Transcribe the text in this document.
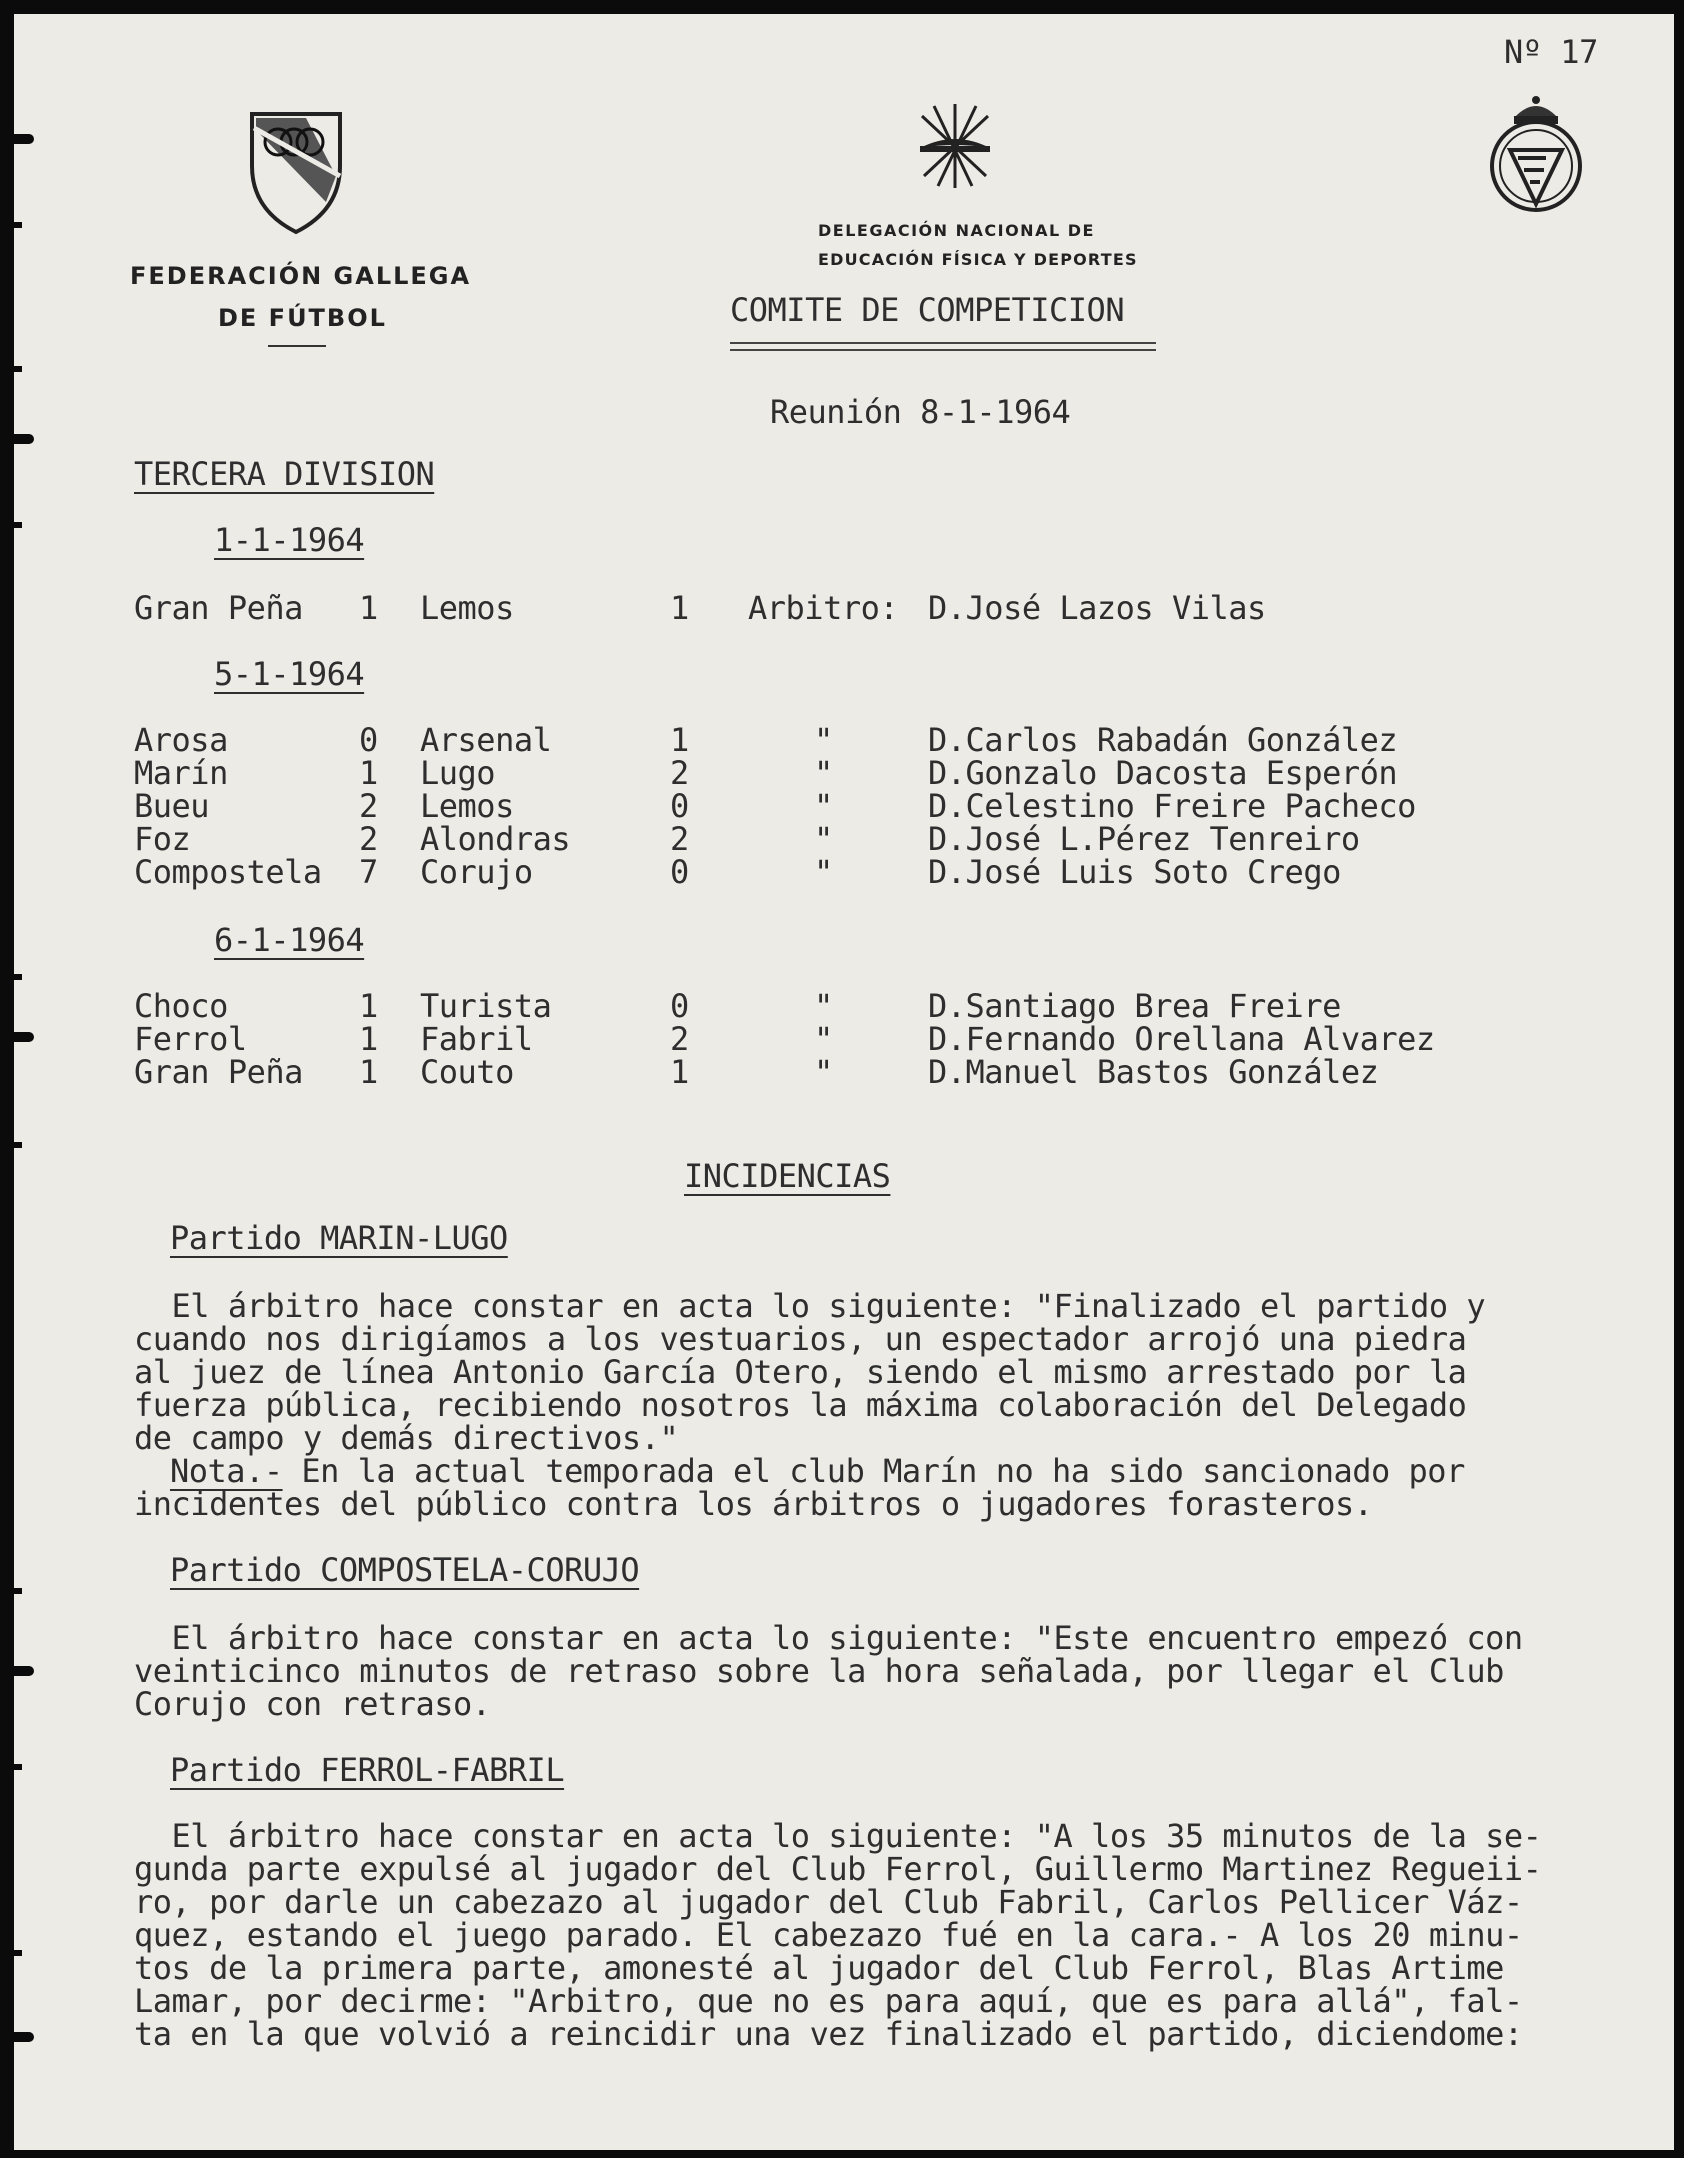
Nº 17
FEDERACIÓN GALLEGA
DE FÚTBOL
DELEGACIÓN NACIONAL DE
EDUCACIÓN FÍSICA Y DEPORTES
COMITE DE COMPETICION
Reunión 8-1-1964
TERCERA DIVISION
1-1-1964
Gran Peña 1 Lemos	1 Arbitro: D.José Lazos Vilas
5-1-1964
Arosa	0 Arsenal	1	"	D.Carlos Rabadán González
Marín	1 Lugo	2	"	D.Gonzalo Dacosta Esperón
Bueu	2 Lemos	0	"	D.Celestino Freire Pacheco
Foz	2 Alondras	2	"	D.José L.Pérez Tenreiro
Compostela 7 Corujo	0	"	D.José Luis Soto Crego
6-1-1964
Choco	1 Turista	0	"	D.Santiago Brea Freire
Ferrol	1 Fabril	2	"	D.Fernando Orellana Alvarez
Gran Peña 1 Couto	1	"	D.Manuel Bastos González
INCIDENCIAS
Partido MARIN-LUGO
El árbitro hace constar en acta lo siguiente: "Finalizado el partido y
cuando nos dirigíamos a los vestuarios, un espectador arrojó una piedra
al juez de línea Antonio García Otero, siendo el mismo arrestado por la
fuerza pública, recibiendo nosotros la máxima colaboración del Delegado
de campo y demás directivos."
Nota.- En la actual temporada el club Marín no ha sido sancionado por
incidentes del público contra los árbitros o jugadores forasteros.
Partido COMPOSTELA-CORUJO
El árbitro hace constar en acta lo siguiente: "Este encuentro empezó con
veinticinco minutos de retraso sobre la hora señalada, por llegar el Club
Corujo con retraso.
Partido FERROL-FABRIL
El árbitro hace constar en acta lo siguiente: "A los 35 minutos de la se-
gunda parte expulsé al jugador del Club Ferrol, Guillermo Martinez Regueii-
ro, por darle un cabezazo al jugador del Club Fabril, Carlos Pellicer Váz-
quez, estando el juego parado. El cabezazo fué en la cara.- A los 20 minu-
tos de la primera parte, amonesté al jugador del Club Ferrol, Blas Artime
Lamar, por decirme: "Arbitro, que no es para aquí, que es para allá", fal-
ta en la que volvió a reincidir una vez finalizado el partido, diciendome:
